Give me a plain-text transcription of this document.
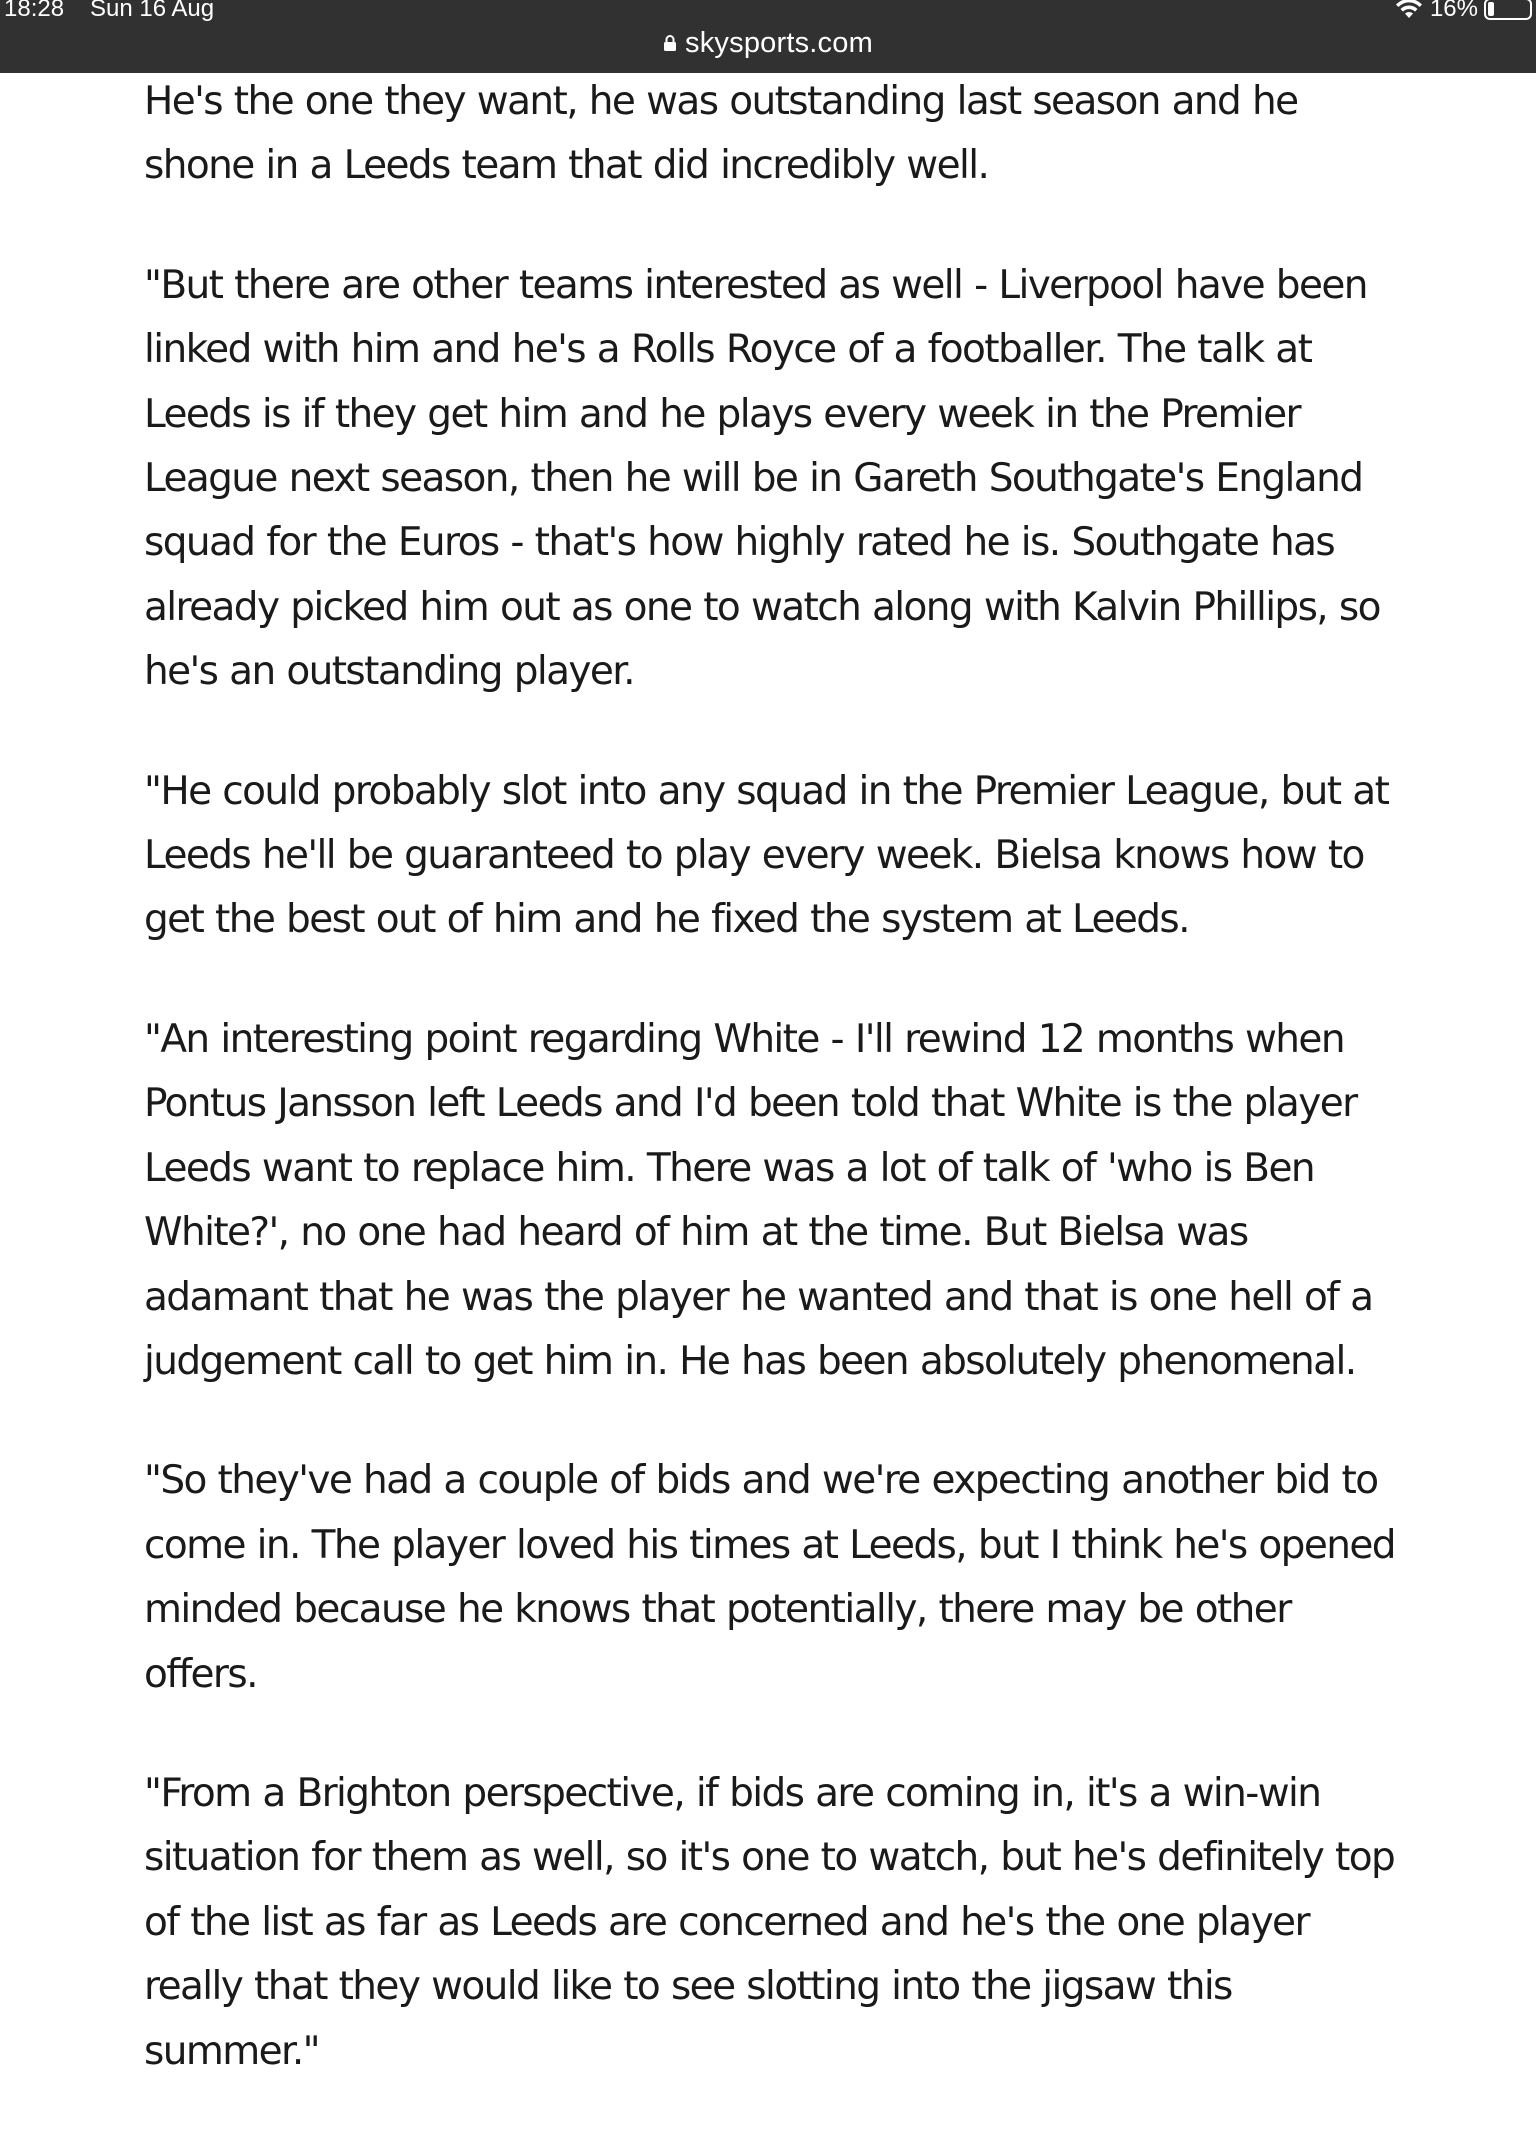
18:28 Sun 16 Aug	16%
skysports.com

He's the one they want, he was outstanding last season and he shone in a Leeds team that did incredibly well.

"But there are other teams interested as well - Liverpool have been linked with him and he's a Rolls Royce of a footballer. The talk at Leeds is if they get him and he plays every week in the Premier League next season, then he will be in Gareth Southgate's England squad for the Euros - that's how highly rated he is. Southgate has already picked him out as one to watch along with Kalvin Phillips, so he's an outstanding player.

"He could probably slot into any squad in the Premier League, but at Leeds he'll be guaranteed to play every week. Bielsa knows how to get the best out of him and he fixed the system at Leeds.

"An interesting point regarding White - I'll rewind 12 months when Pontus Jansson left Leeds and I'd been told that White is the player Leeds want to replace him. There was a lot of talk of 'who is Ben White?', no one had heard of him at the time. But Bielsa was adamant that he was the player he wanted and that is one hell of a judgement call to get him in. He has been absolutely phenomenal.

"So they've had a couple of bids and we're expecting another bid to come in. The player loved his times at Leeds, but I think he's opened minded because he knows that potentially, there may be other offers.

"From a Brighton perspective, if bids are coming in, it's a win-win situation for them as well, so it's one to watch, but he's definitely top of the list as far as Leeds are concerned and he's the one player really that they would like to see slotting into the jigsaw this summer."
